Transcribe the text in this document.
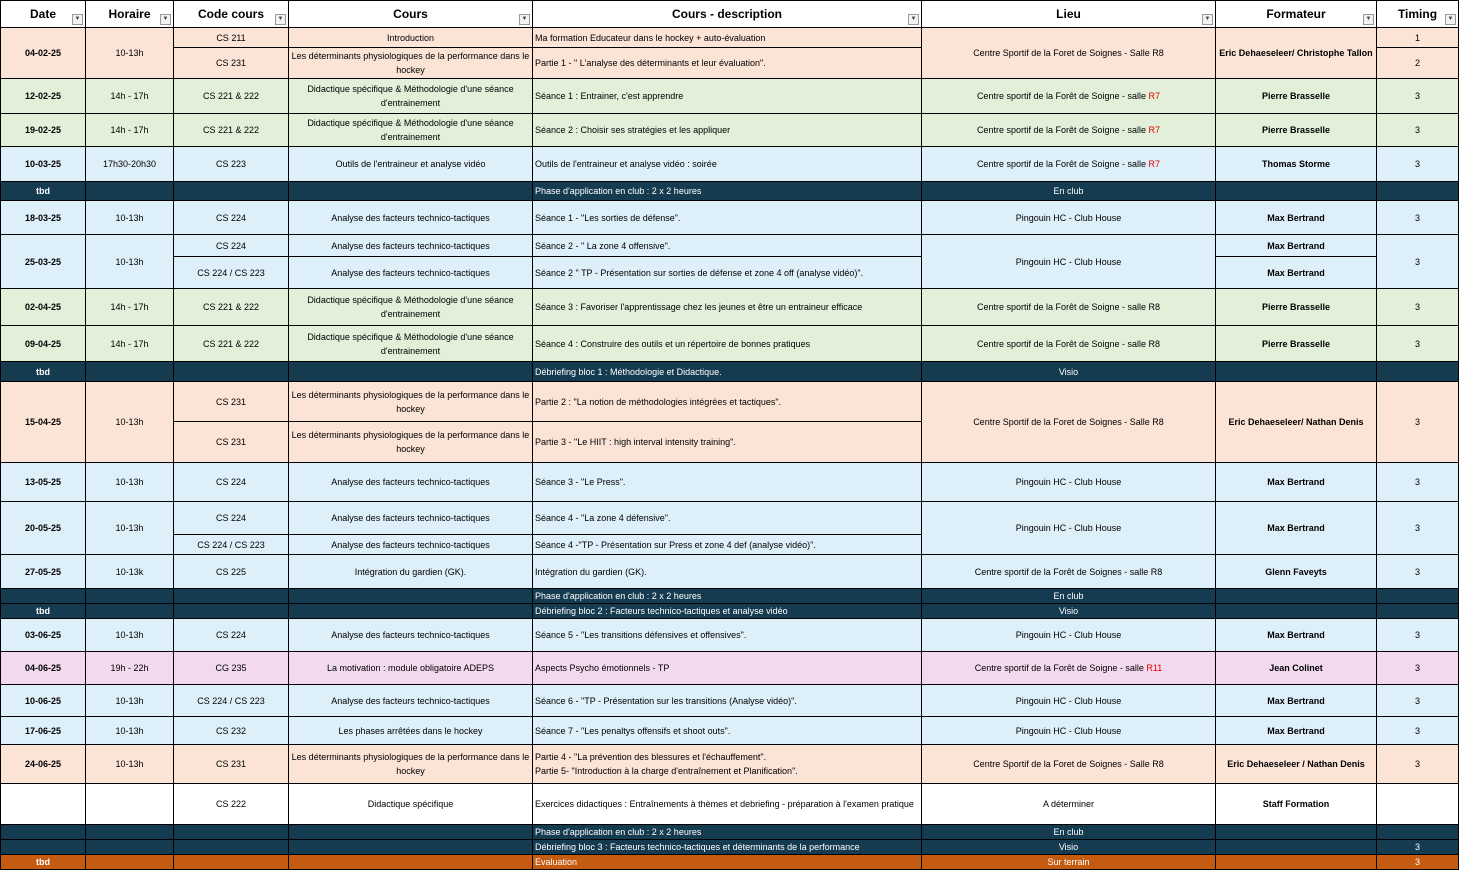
Date ▼	Horaire ▼	Code cours ▼	Cours ▼	Cours - description ▼	Lieu ▼	Formateur ▼	Timing ▼

04-02-25	10-13h	CS 211	Introduction	Ma formation Educateur dans le hockey + auto-évaluation	Centre Sportif de la Foret de Soignes - Salle R8	Eric Dehaeseleer/ Christophe Tallon	1
		CS 231	Les déterminants physiologiques de la performance dans le hockey	Partie 1 - " L'analyse des déterminants et leur évaluation".			2
12-02-25	14h - 17h	CS 221 & 222	Didactique spécifique & Méthodologie d'une séance d'entrainement	Séance 1 : Entrainer, c'est apprendre	Centre sportif de la Forêt de Soigne - salle R7	Pierre Brasselle	3
19-02-25	14h - 17h	CS 221 & 222	Didactique spécifique & Méthodologie d'une séance d'entrainement	Séance 2 : Choisir ses stratégies et les appliquer	Centre sportif de la Forêt de Soigne - salle R7	Pierre Brasselle	3
10-03-25	17h30-20h30	CS 223	Outils de l'entraineur et analyse vidéo	Outils de l'entraineur et analyse vidéo : soirée	Centre sportif de la Forêt de Soigne - salle R7	Thomas Storme	3
tbd				Phase d'application en club : 2 x 2 heures	En club		
18-03-25	10-13h	CS 224	Analyse des facteurs technico-tactiques	Séance 1 - "Les sorties de défense".	Pingouin HC - Club House	Max Bertrand	3
25-03-25	10-13h	CS 224	Analyse des facteurs technico-tactiques	Séance 2 - " La zone 4 offensive".	Pingouin HC - Club House	Max Bertrand	3
		CS 224 / CS 223	Analyse des facteurs technico-tactiques	Séance 2 " TP - Présentation sur sorties de défense et zone 4 off (analyse vidéo)".		Max Bertrand	
02-04-25	14h - 17h	CS 221 & 222	Didactique spécifique & Méthodologie d'une séance d'entrainement	Séance 3 : Favoriser l'apprentissage chez les jeunes et être un entraineur efficace	Centre sportif de la Forêt de Soigne - salle R8	Pierre Brasselle	3
09-04-25	14h - 17h	CS 221 & 222	Didactique spécifique & Méthodologie d'une séance d'entrainement	Séance 4 : Construire des outils et un répertoire de bonnes pratiques	Centre sportif de la Forêt de Soigne - salle R8	Pierre Brasselle	3
tbd				Débriefing bloc 1 : Méthodologie et Didactique.	Visio		
15-04-25	10-13h	CS 231	Les déterminants physiologiques de la performance dans le hockey	Partie 2 : "La notion de méthodologies intégrées et tactiques".	Centre Sportif de la Foret de Soignes - Salle R8	Eric Dehaeseleer/ Nathan Denis	3
		CS 231	Les déterminants physiologiques de la performance dans le hockey	Partie 3 - "Le HIIT : high interval intensity training".			
13-05-25	10-13h	CS 224	Analyse des facteurs technico-tactiques	Séance 3 - "Le Press".	Pingouin HC - Club House	Max Bertrand	3
20-05-25	10-13h	CS 224	Analyse des facteurs technico-tactiques	Séance 4 - "La zone 4 défensive".	Pingouin HC - Club House	Max Bertrand	3
		CS 224 / CS 223	Analyse des facteurs technico-tactiques	Séance 4 -"TP - Présentation sur Press et zone 4 def (analyse vidéo)".			
27-05-25	10-13k	CS 225	Intégration du gardien (GK).	Intégration du gardien (GK).	Centre sportif de la Forêt de Soignes - salle R8	Glenn Faveyts	3
				Phase d'application en club : 2 x 2 heures	En club		
tbd				Débriefing bloc 2 : Facteurs technico-tactiques et analyse vidéo	Visio		
03-06-25	10-13h	CS 224	Analyse des facteurs technico-tactiques	Séance 5 - "Les transitions défensives et offensives".	Pingouin HC - Club House	Max Bertrand	3
04-06-25	19h - 22h	CG 235	La motivation : module obligatoire ADEPS	Aspects Psycho émotionnels - TP	Centre sportif de la Forêt de Soigne - salle R11	Jean Colinet	3
10-06-25	10-13h	CS 224 / CS 223	Analyse des facteurs technico-tactiques	Séance 6 - "TP - Présentation sur les transitions (Analyse vidéo)".	Pingouin HC - Club House	Max Bertrand	3
17-06-25	10-13h	CS 232	Les phases arrêtées dans le hockey	Séance 7 - "Les penaltys offensifs et shoot outs".	Pingouin HC - Club House	Max Bertrand	3
24-06-25	10-13h	CS 231	Les déterminants physiologiques de la performance dans le hockey	Partie 4 - "La prévention des blessures et l'échauffement".
Partie 5- "Introduction à la charge d'entraînement et Planification".	Centre Sportif de la Foret de Soignes - Salle R8	Eric Dehaeseleer / Nathan Denis	3
		CS 222	Didactique spécifique	Exercices didactiques : Entraînements à thèmes et debriefing - préparation à l'examen pratique	A déterminer	Staff Formation	
				Phase d'application en club : 2 x 2 heures	En club		
				Débriefing bloc 3 : Facteurs technico-tactiques et déterminants de la performance	Visio		3
tbd				Evaluation	Sur terrain		3
